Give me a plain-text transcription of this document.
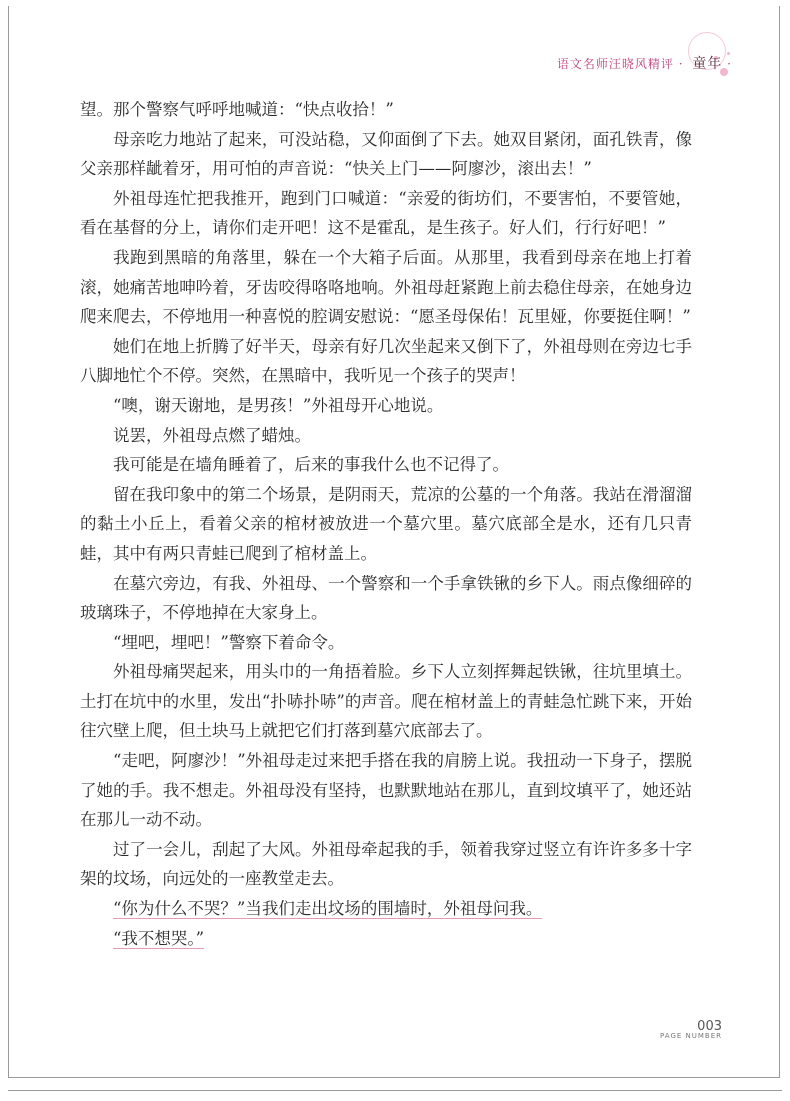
语文名师汪晓风精评 · 童年 ·

望。那个警察气呼呼地喊道：“快点收拾！”

母亲吃力地站了起来，可没站稳，又仰面倒了下去。她双目紧闭，面孔铁青，像父亲那样龇着牙，用可怕的声音说：“快关上门——阿廖沙，滚出去！”

外祖母连忙把我推开，跑到门口喊道：“亲爱的街坊们，不要害怕，不要管她，看在基督的分上，请你们走开吧！这不是霍乱，是生孩子。好人们，行行好吧！”

我跑到黑暗的角落里，躲在一个大箱子后面。从那里，我看到母亲在地上打着滚，她痛苦地呻吟着，牙齿咬得咯咯地响。外祖母赶紧跑上前去稳住母亲，在她身边爬来爬去，不停地用一种喜悦的腔调安慰说：“愿圣母保佑！瓦里娅，你要挺住啊！”

她们在地上折腾了好半天，母亲有好几次坐起来又倒下了，外祖母则在旁边七手八脚地忙个不停。突然，在黑暗中，我听见一个孩子的哭声！

“噢，谢天谢地，是男孩！”外祖母开心地说。

说罢，外祖母点燃了蜡烛。

我可能是在墙角睡着了，后来的事我什么也不记得了。

留在我印象中的第二个场景，是阴雨天，荒凉的公墓的一个角落。我站在滑溜溜的黏土小丘上，看着父亲的棺材被放进一个墓穴里。墓穴底部全是水，还有几只青蛙，其中有两只青蛙已爬到了棺材盖上。

在墓穴旁边，有我、外祖母、一个警察和一个手拿铁锹的乡下人。雨点像细碎的玻璃珠子，不停地掉在大家身上。

“埋吧，埋吧！”警察下着命令。

外祖母痛哭起来，用头巾的一角捂着脸。乡下人立刻挥舞起铁锹，往坑里填土。土打在坑中的水里，发出“扑哧扑哧”的声音。爬在棺材盖上的青蛙急忙跳下来，开始往穴壁上爬，但土块马上就把它们打落到墓穴底部去了。

“走吧，阿廖沙！”外祖母走过来把手搭在我的肩膀上说。我扭动一下身子，摆脱了她的手。我不想走。外祖母没有坚持，也默默地站在那儿，直到坟填平了，她还站在那儿一动不动。

过了一会儿，刮起了大风。外祖母牵起我的手，领着我穿过竖立有许许多多十字架的坟场，向远处的一座教堂走去。

“你为什么不哭？”当我们走出坟场的围墙时，外祖母问我。

“我不想哭。”

003
PAGE NUMBER
